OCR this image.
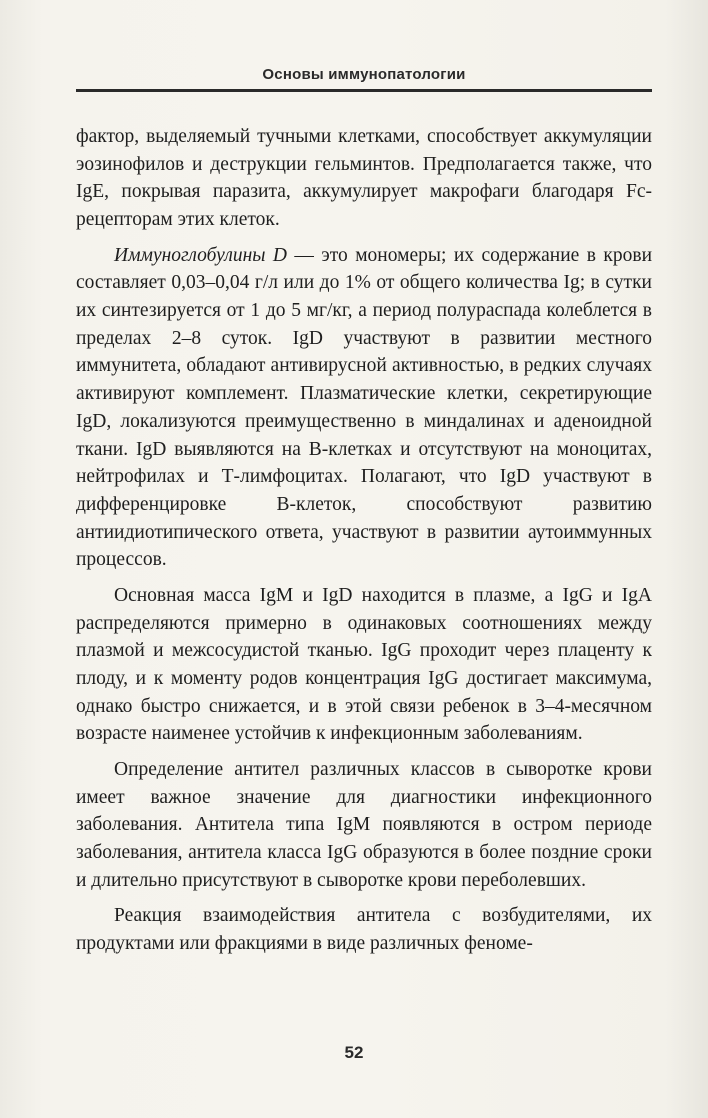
Основы иммунопатологии

фактор, выделяемый тучными клетками, способствует аккумуляции эозинофилов и деструкции гельминтов. Предполагается также, что IgE, покрывая паразита, аккумулирует макрофаги благодаря Fc-рецепторам этих клеток.

Иммуноглобулины D — это мономеры; их содержание в крови составляет 0,03–0,04 г/л или до 1% от общего количества Ig; в сутки их синтезируется от 1 до 5 мг/кг, а период полураспада колеблется в пределах 2–8 суток. IgD участвуют в развитии местного иммунитета, обладают антивирусной активностью, в редких случаях активируют комплемент. Плазматические клетки, секретирующие IgD, локализуются преимущественно в миндалинах и аденоидной ткани. IgD выявляются на В-клетках и отсутствуют на моноцитах, нейтрофилах и Т-лимфоцитах. Полагают, что IgD участвуют в дифференцировке В-клеток, способствуют развитию антиидиотипического ответа, участвуют в развитии аутоиммунных процессов.

Основная масса IgM и IgD находится в плазме, а IgG и IgA распределяются примерно в одинаковых соотношениях между плазмой и межсосудистой тканью. IgG проходит через плаценту к плоду, и к моменту родов концентрация IgG достигает максимума, однако быстро снижается, и в этой связи ребенок в 3–4-месячном возрасте наименее устойчив к инфекционным заболеваниям.

Определение антител различных классов в сыворотке крови имеет важное значение для диагностики инфекционного заболевания. Антитела типа IgM появляются в остром периоде заболевания, антитела класса IgG образуются в более поздние сроки и длительно присутствуют в сыворотке крови переболевших.

Реакция взаимодействия антитела с возбудителями, их продуктами или фракциями в виде различных феноме-

52
